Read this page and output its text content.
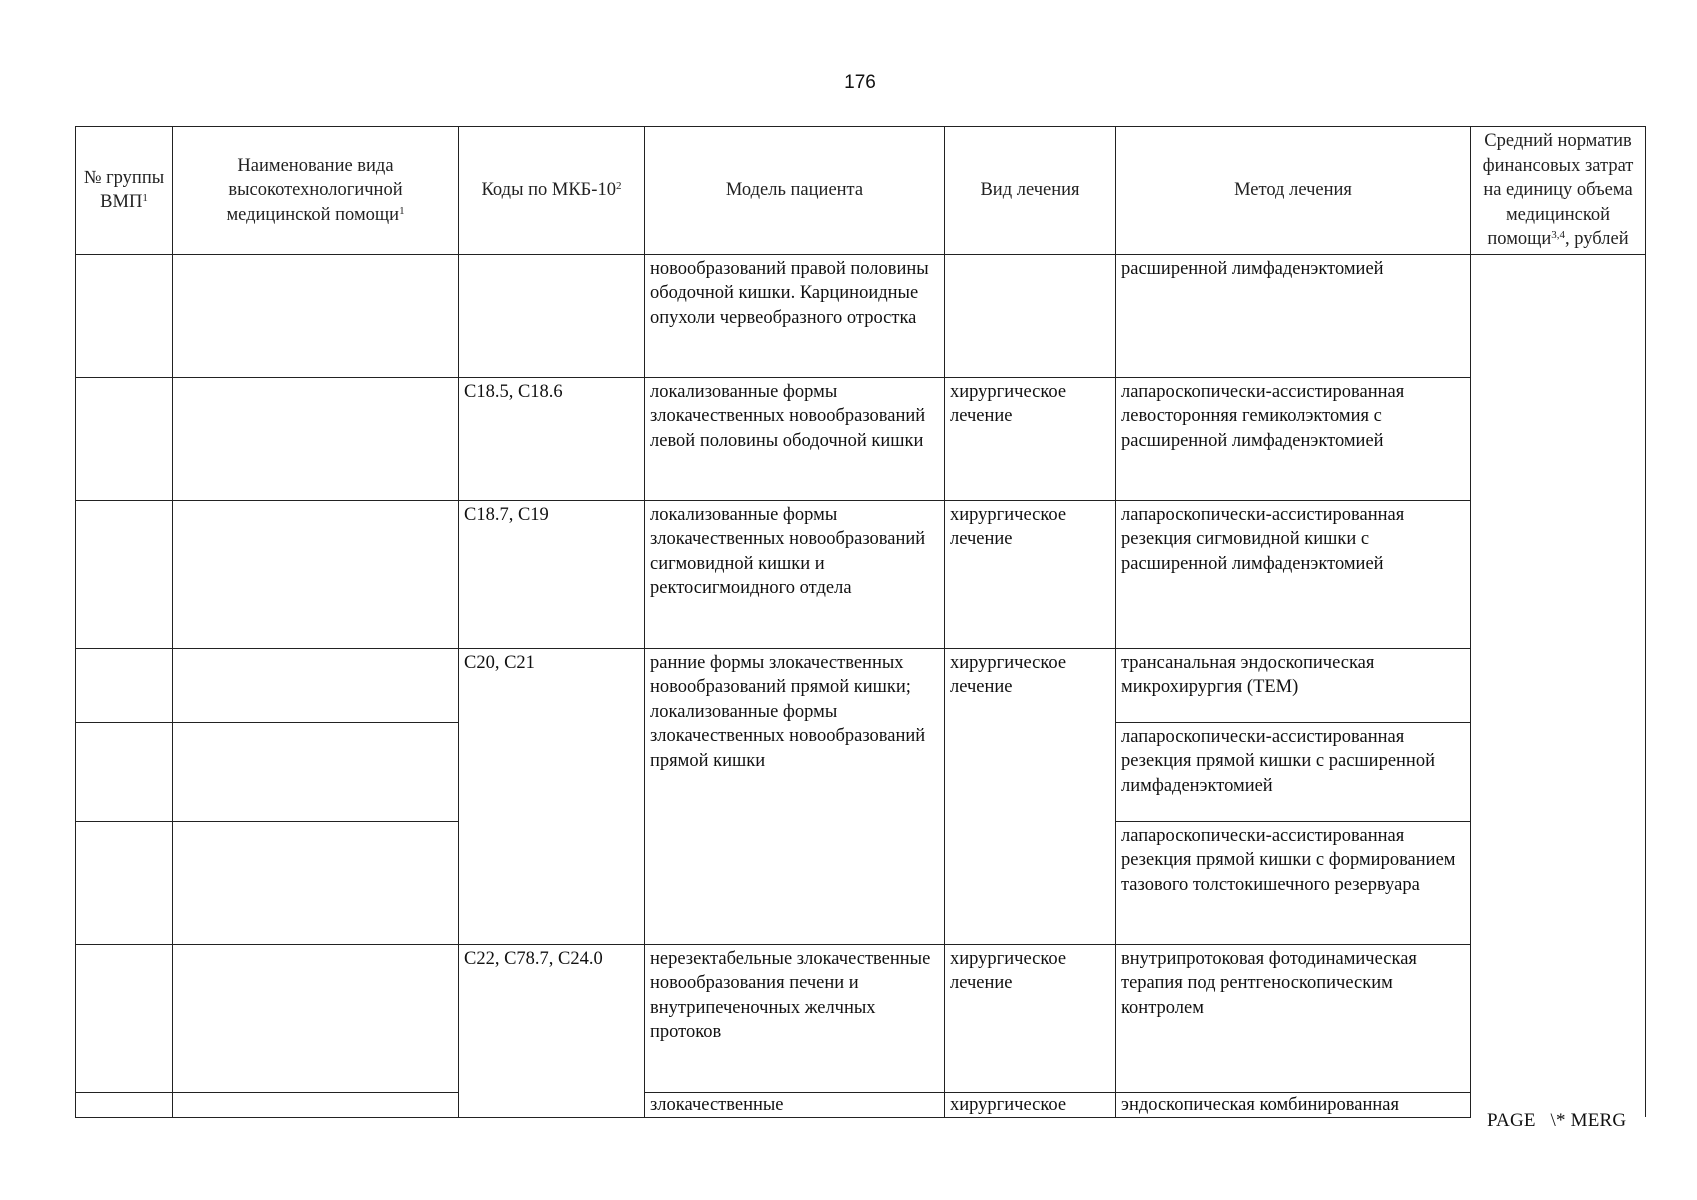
176
№ группы ВМП$^1$	Наименование вида высокотехнологичной медицинской помощи$^1$	Коды по МКБ-$10^2$	Модель пациента	Вид лечения	Метод лечения	Средний норматив финансовых затрат на единицу объема медицинской помощи$^{3,4}$, рублей
			новообразований правой половины ободочной кишки. Карциноидные опухоли червеобразного отростка		расширенной лимфаденэктомией	
		C18.5, C18.6	локализованные формы злокачественных новообразований левой половины ободочной кишки	хирургическое лечение	лапароскопически-ассистированная левосторонняя гемиколэктомия с расширенной лимфаденэктомией	
		C18.7, C19	локализованные формы злокачественных новообразований сигмовидной кишки и ректосигмоидного отдела	хирургическое лечение	лапароскопически-ассистированная резекция сигмовидной кишки с расширенной лимфаденэктомией	
		C20, C21	ранние формы злокачественных новообразований прямой кишки; локализованные формы злокачественных новообразований прямой кишки	хирургическое лечение	трансанальная эндоскопическая микрохирургия (ТЕМ)	
					лапароскопически-ассистированная резекция прямой кишки с расширенной лимфаденэктомией	
					лапароскопически-ассистированная резекция прямой кишки с формированием тазового толстокишечного резервуара	
		C22, C78.7, C24.0	нерезектабельные злокачественные новообразования печени и внутрипеченочных желчных протоков	хирургическое лечение	внутрипротоковая фотодинамическая терапия под рентгеноскопическим контролем	
			злокачественные	хирургическое	эндоскопическая комбинированная	
PAGE   \* MERG
